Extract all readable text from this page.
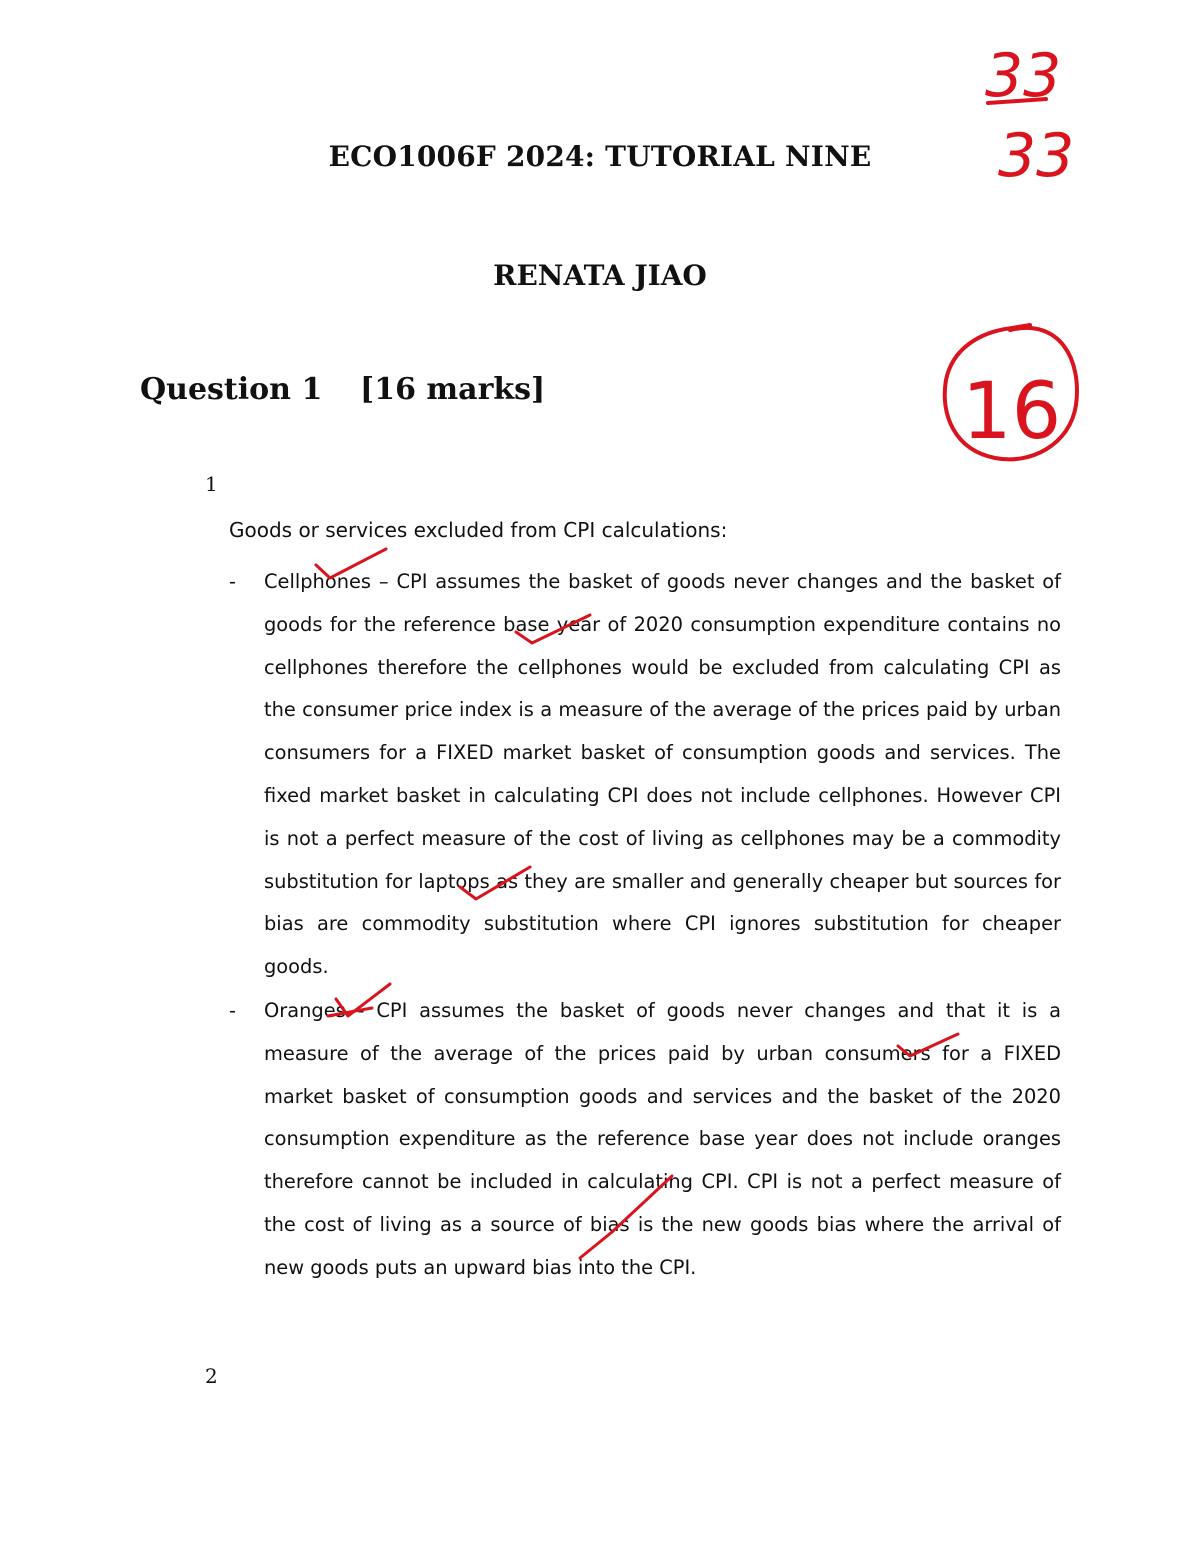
ECO1006F 2024: TUTORIAL NINE
RENATA JIAO
Question 1 [16 marks]
1
Goods or services excluded from CPI calculations:
- Cellphones – CPI assumes the basket of goods never changes and the basket of goods for the reference base year of 2020 consumption expenditure contains no cellphones therefore the cellphones would be excluded from calculating CPI as the consumer price index is a measure of the average of the prices paid by urban consumers for a FIXED market basket of consumption goods and services. The fixed market basket in calculating CPI does not include cellphones. However CPI is not a perfect measure of the cost of living as cellphones may be a commodity substitution for laptops as they are smaller and generally cheaper but sources for bias are commodity substitution where CPI ignores substitution for cheaper goods.
- Oranges - CPI assumes the basket of goods never changes and that it is a measure of the average of the prices paid by urban consumers for a FIXED market basket of consumption goods and services and the basket of the 2020 consumption expenditure as the reference base year does not include oranges therefore cannot be included in calculating CPI. CPI is not a perfect measure of the cost of living as a source of bias is the new goods bias where the arrival of new goods puts an upward bias into the CPI.
2
33
33
16
